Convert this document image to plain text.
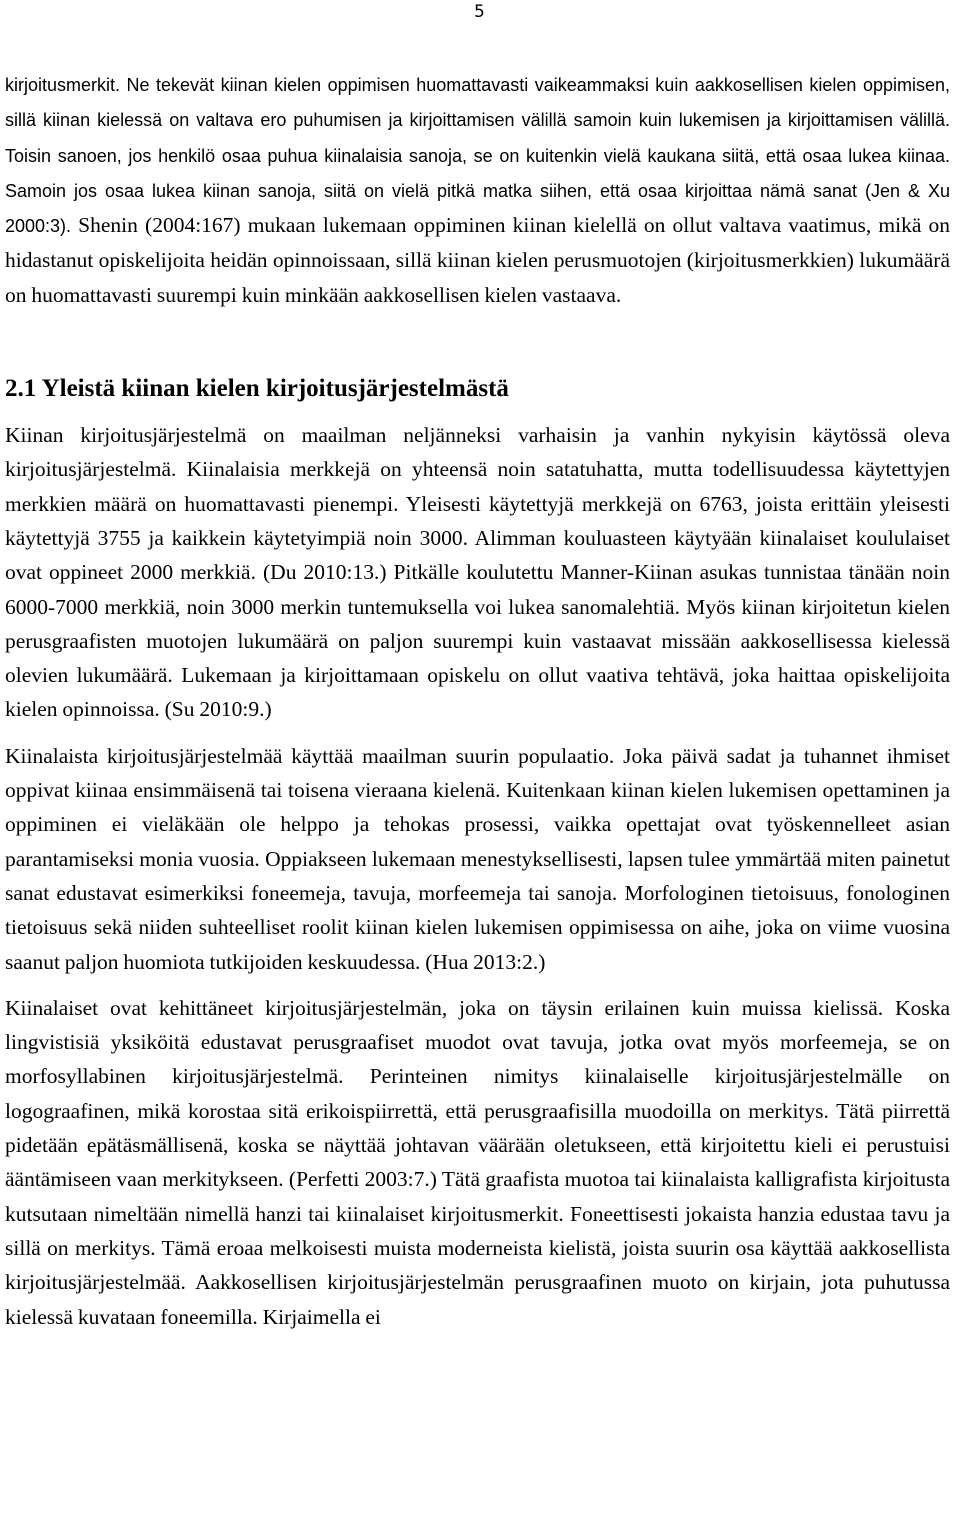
5

kirjoitusmerkit. Ne tekevät kiinan kielen oppimisen huomattavasti vaikeammaksi kuin aakkosellisen kielen oppimisen, sillä kiinan kielessä on valtava ero puhumisen ja kirjoittamisen välillä samoin kuin lukemisen ja kirjoittamisen välillä. Toisin sanoen, jos henkilö osaa puhua kiinalaisia sanoja, se on kuitenkin vielä kaukana siitä, että osaa lukea kiinaa. Samoin jos osaa lukea kiinan sanoja, siitä on vielä pitkä matka siihen, että osaa kirjoittaa nämä sanat (Jen & Xu 2000:3). Shenin (2004:167) mukaan lukemaan oppiminen kiinan kielellä on ollut valtava vaatimus, mikä on hidastanut opiskelijoita heidän opinnoissaan, sillä kiinan kielen perusmuotojen (kirjoitusmerkkien) lukumäärä on huomattavasti suurempi kuin minkään aakkosellisen kielen vastaava.

2.1 Yleistä kiinan kielen kirjoitusjärjestelmästä

Kiinan kirjoitusjärjestelmä on maailman neljänneksi varhaisin ja vanhin nykyisin käytössä oleva kirjoitusjärjestelmä. Kiinalaisia merkkejä on yhteensä noin satatuhatta, mutta todellisuudessa käytettyjen merkkien määrä on huomattavasti pienempi. Yleisesti käytettyjä merkkejä on 6763, joista erittäin yleisesti käytettyjä 3755 ja kaikkein käytetyimpiä noin 3000. Alimman kouluasteen käytyään kiinalaiset koululaiset ovat oppineet 2000 merkkiä. (Du 2010:13.) Pitkälle koulutettu Manner-Kiinan asukas tunnistaa tänään noin 6000-7000 merkkiä, noin 3000 merkin tuntemuksella voi lukea sanomalehtiä. Myös kiinan kirjoitetun kielen perusgraafisten muotojen lukumäärä on paljon suurempi kuin vastaavat missään aakkosellisessa kielessä olevien lukumäärä. Lukemaan ja kirjoittamaan opiskelu on ollut vaativa tehtävä, joka haittaa opiskelijoita kielen opinnoissa. (Su 2010:9.)

Kiinalaista kirjoitusjärjestelmää käyttää maailman suurin populaatio. Joka päivä sadat ja tuhannet ihmiset oppivat kiinaa ensimmäisenä tai toisena vieraana kielenä. Kuitenkaan kiinan kielen lukemisen opettaminen ja oppiminen ei vieläkään ole helppo ja tehokas prosessi, vaikka opettajat ovat työskennelleet asian parantamiseksi monia vuosia. Oppiakseen lukemaan menestyksellisesti, lapsen tulee ymmärtää miten painetut sanat edustavat esimerkiksi foneemeja, tavuja, morfeemeja tai sanoja. Morfologinen tietoisuus, fonologinen tietoisuus sekä niiden suhteelliset roolit kiinan kielen lukemisen oppimisessa on aihe, joka on viime vuosina saanut paljon huomiota tutkijoiden keskuudessa. (Hua 2013:2.)

Kiinalaiset ovat kehittäneet kirjoitusjärjestelmän, joka on täysin erilainen kuin muissa kielissä. Koska lingvistisiä yksiköitä edustavat perusgraafiset muodot ovat tavuja, jotka ovat myös morfeemeja, se on morfosyllabinen kirjoitusjärjestelmä. Perinteinen nimitys kiinalaiselle kirjoitusjärjestelmälle on logograafinen, mikä korostaa sitä erikoispiirrettä, että perusgraafisilla muodoilla on merkitys. Tätä piirrettä pidetään epätäsmällisenä, koska se näyttää johtavan väärään oletukseen, että kirjoitettu kieli ei perustuisi ääntämiseen vaan merkitykseen. (Perfetti 2003:7.) Tätä graafista muotoa tai kiinalaista kalligrafista kirjoitusta kutsutaan nimeltään nimellä hanzi tai kiinalaiset kirjoitusmerkit. Foneettisesti jokaista hanzia edustaa tavu ja sillä on merkitys. Tämä eroaa melkoisesti muista moderneista kielistä, joista suurin osa käyttää aakkosellista kirjoitusjärjestelmää. Aakkosellisen kirjoitusjärjestelmän perusgraafinen muoto on kirjain, jota puhutussa kielessä kuvataan foneemilla. Kirjaimella ei
